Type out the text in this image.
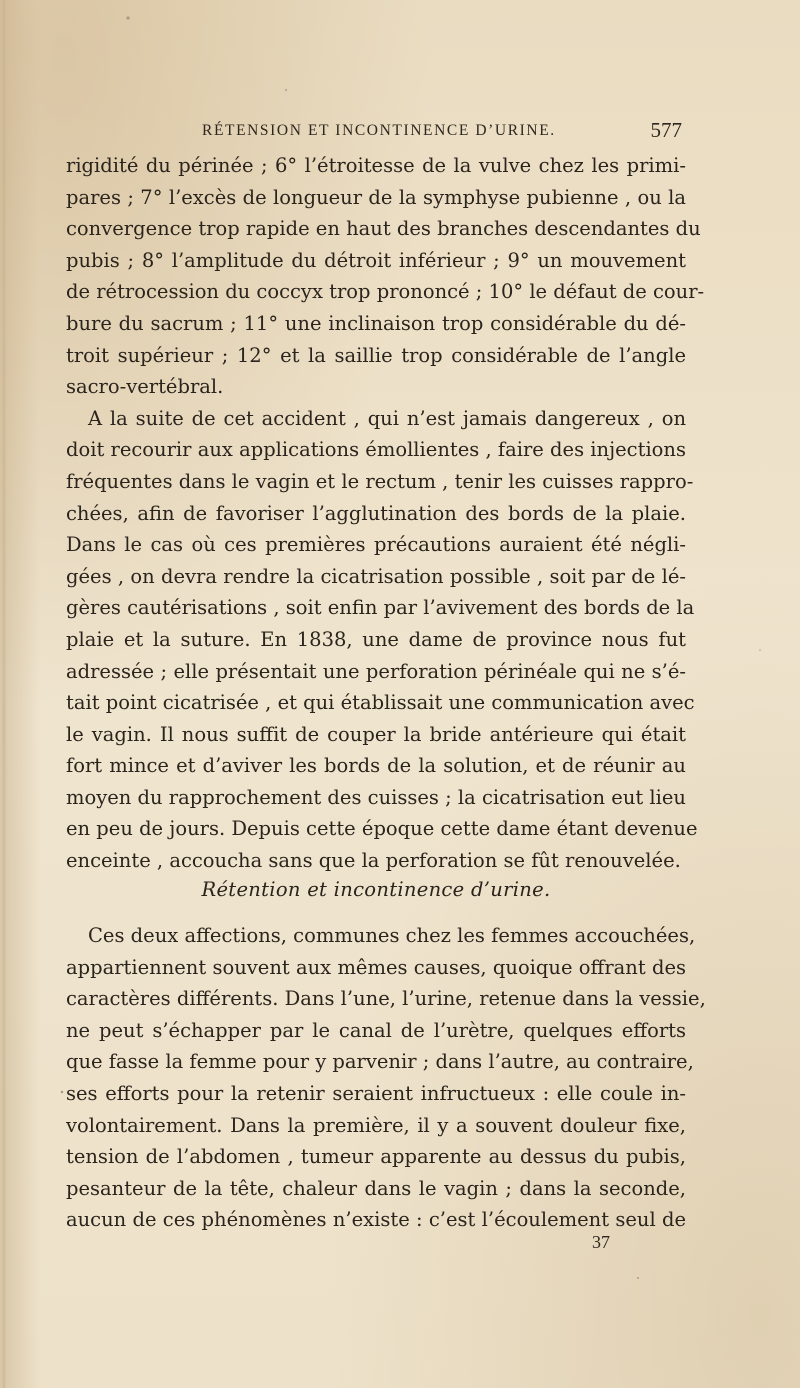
RÉTENSION ET INCONTINENCE D’URINE.	577
rigidité du périnée ; 6° l’étroitesse de la vulve chez les primi-
pares ; 7° l’excès de longueur de la symphyse pubienne , ou la
convergence trop rapide en haut des branches descendantes du
pubis ; 8° l’amplitude du détroit inférieur ; 9° un mouvement
de rétrocession du coccyx trop prononcé ; 10° le défaut de cour-
bure du sacrum ; 11° une inclinaison trop considérable du dé-
troit supérieur ; 12° et la saillie trop considérable de l’angle
sacro-vertébral.
A la suite de cet accident , qui n’est jamais dangereux , on
doit recourir aux applications émollientes , faire des injections
fréquentes dans le vagin et le rectum , tenir les cuisses rappro-
chées, afin de favoriser l’agglutination des bords de la plaie.
Dans le cas où ces premières précautions auraient été négli-
gées , on devra rendre la cicatrisation possible , soit par de lé-
gères cautérisations , soit enfin par l’avivement des bords de la
plaie et la suture. En 1838, une dame de province nous fut
adressée ; elle présentait une perforation périnéale qui ne s’é-
tait point cicatrisée , et qui établissait une communication avec
le vagin. Il nous suffit de couper la bride antérieure qui était
fort mince et d’aviver les bords de la solution, et de réunir au
moyen du rapprochement des cuisses ; la cicatrisation eut lieu
en peu de jours. Depuis cette époque cette dame étant devenue
enceinte , accoucha sans que la perforation se fût renouvelée.
Rétention et incontinence d’urine.
Ces deux affections, communes chez les femmes accouchées,
appartiennent souvent aux mêmes causes, quoique offrant des
caractères différents. Dans l’une, l’urine, retenue dans la vessie,
ne peut s’échapper par le canal de l’urètre, quelques efforts
que fasse la femme pour y parvenir ; dans l’autre, au contraire,
ses efforts pour la retenir seraient infructueux : elle coule in-
volontairement. Dans la première, il y a souvent douleur fixe,
tension de l’abdomen , tumeur apparente au dessus du pubis,
pesanteur de la tête, chaleur dans le vagin ; dans la seconde,
aucun de ces phénomènes n’existe : c’est l’écoulement seul de
37
